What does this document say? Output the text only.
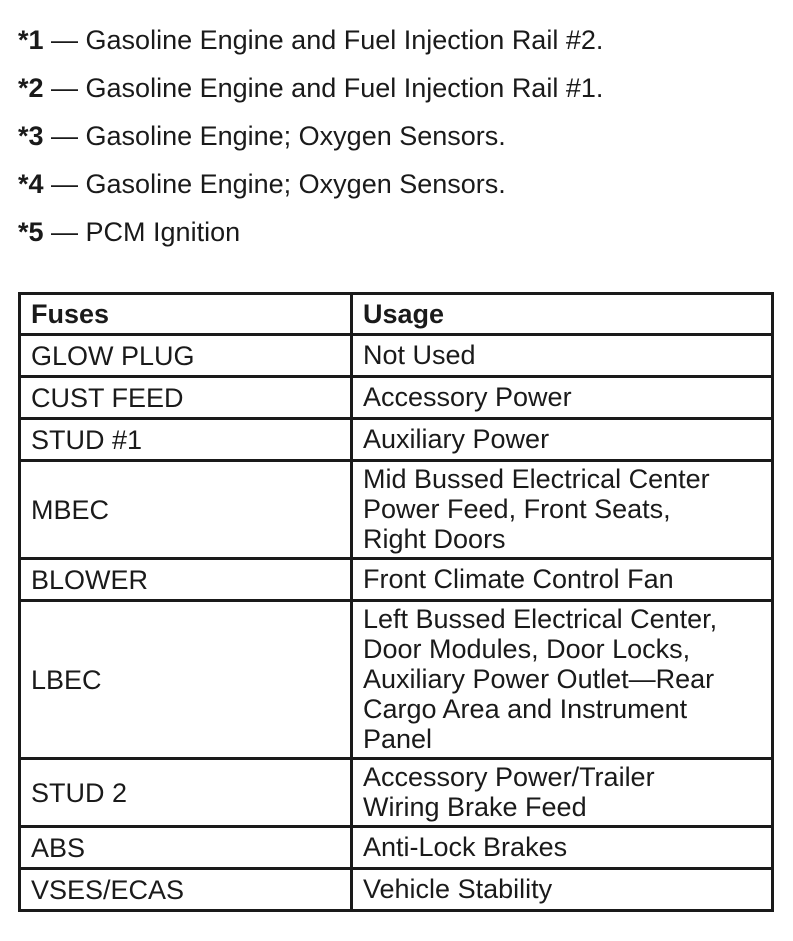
*1 — Gasoline Engine and Fuel Injection Rail #2.
*2 — Gasoline Engine and Fuel Injection Rail #1.
*3 — Gasoline Engine; Oxygen Sensors.
*4 — Gasoline Engine; Oxygen Sensors.
*5 — PCM Ignition
Fuses	Usage
GLOW PLUG	Not Used

CUST FEED	Accessory Power

STUD #1	Auxiliary Power

MBEC	Mid Bussed Electrical Center
Power Feed, Front Seats,
Right Doors

BLOWER	Front Climate Control Fan

LBEC	Left Bussed Electrical Center,
Door Modules, Door Locks,
Auxiliary Power Outlet—Rear
Cargo Area and Instrument
Panel

STUD 2	Accessory Power/Trailer
Wiring Brake Feed

ABS	Anti-Lock Brakes

VSES/ECAS	Vehicle Stability
